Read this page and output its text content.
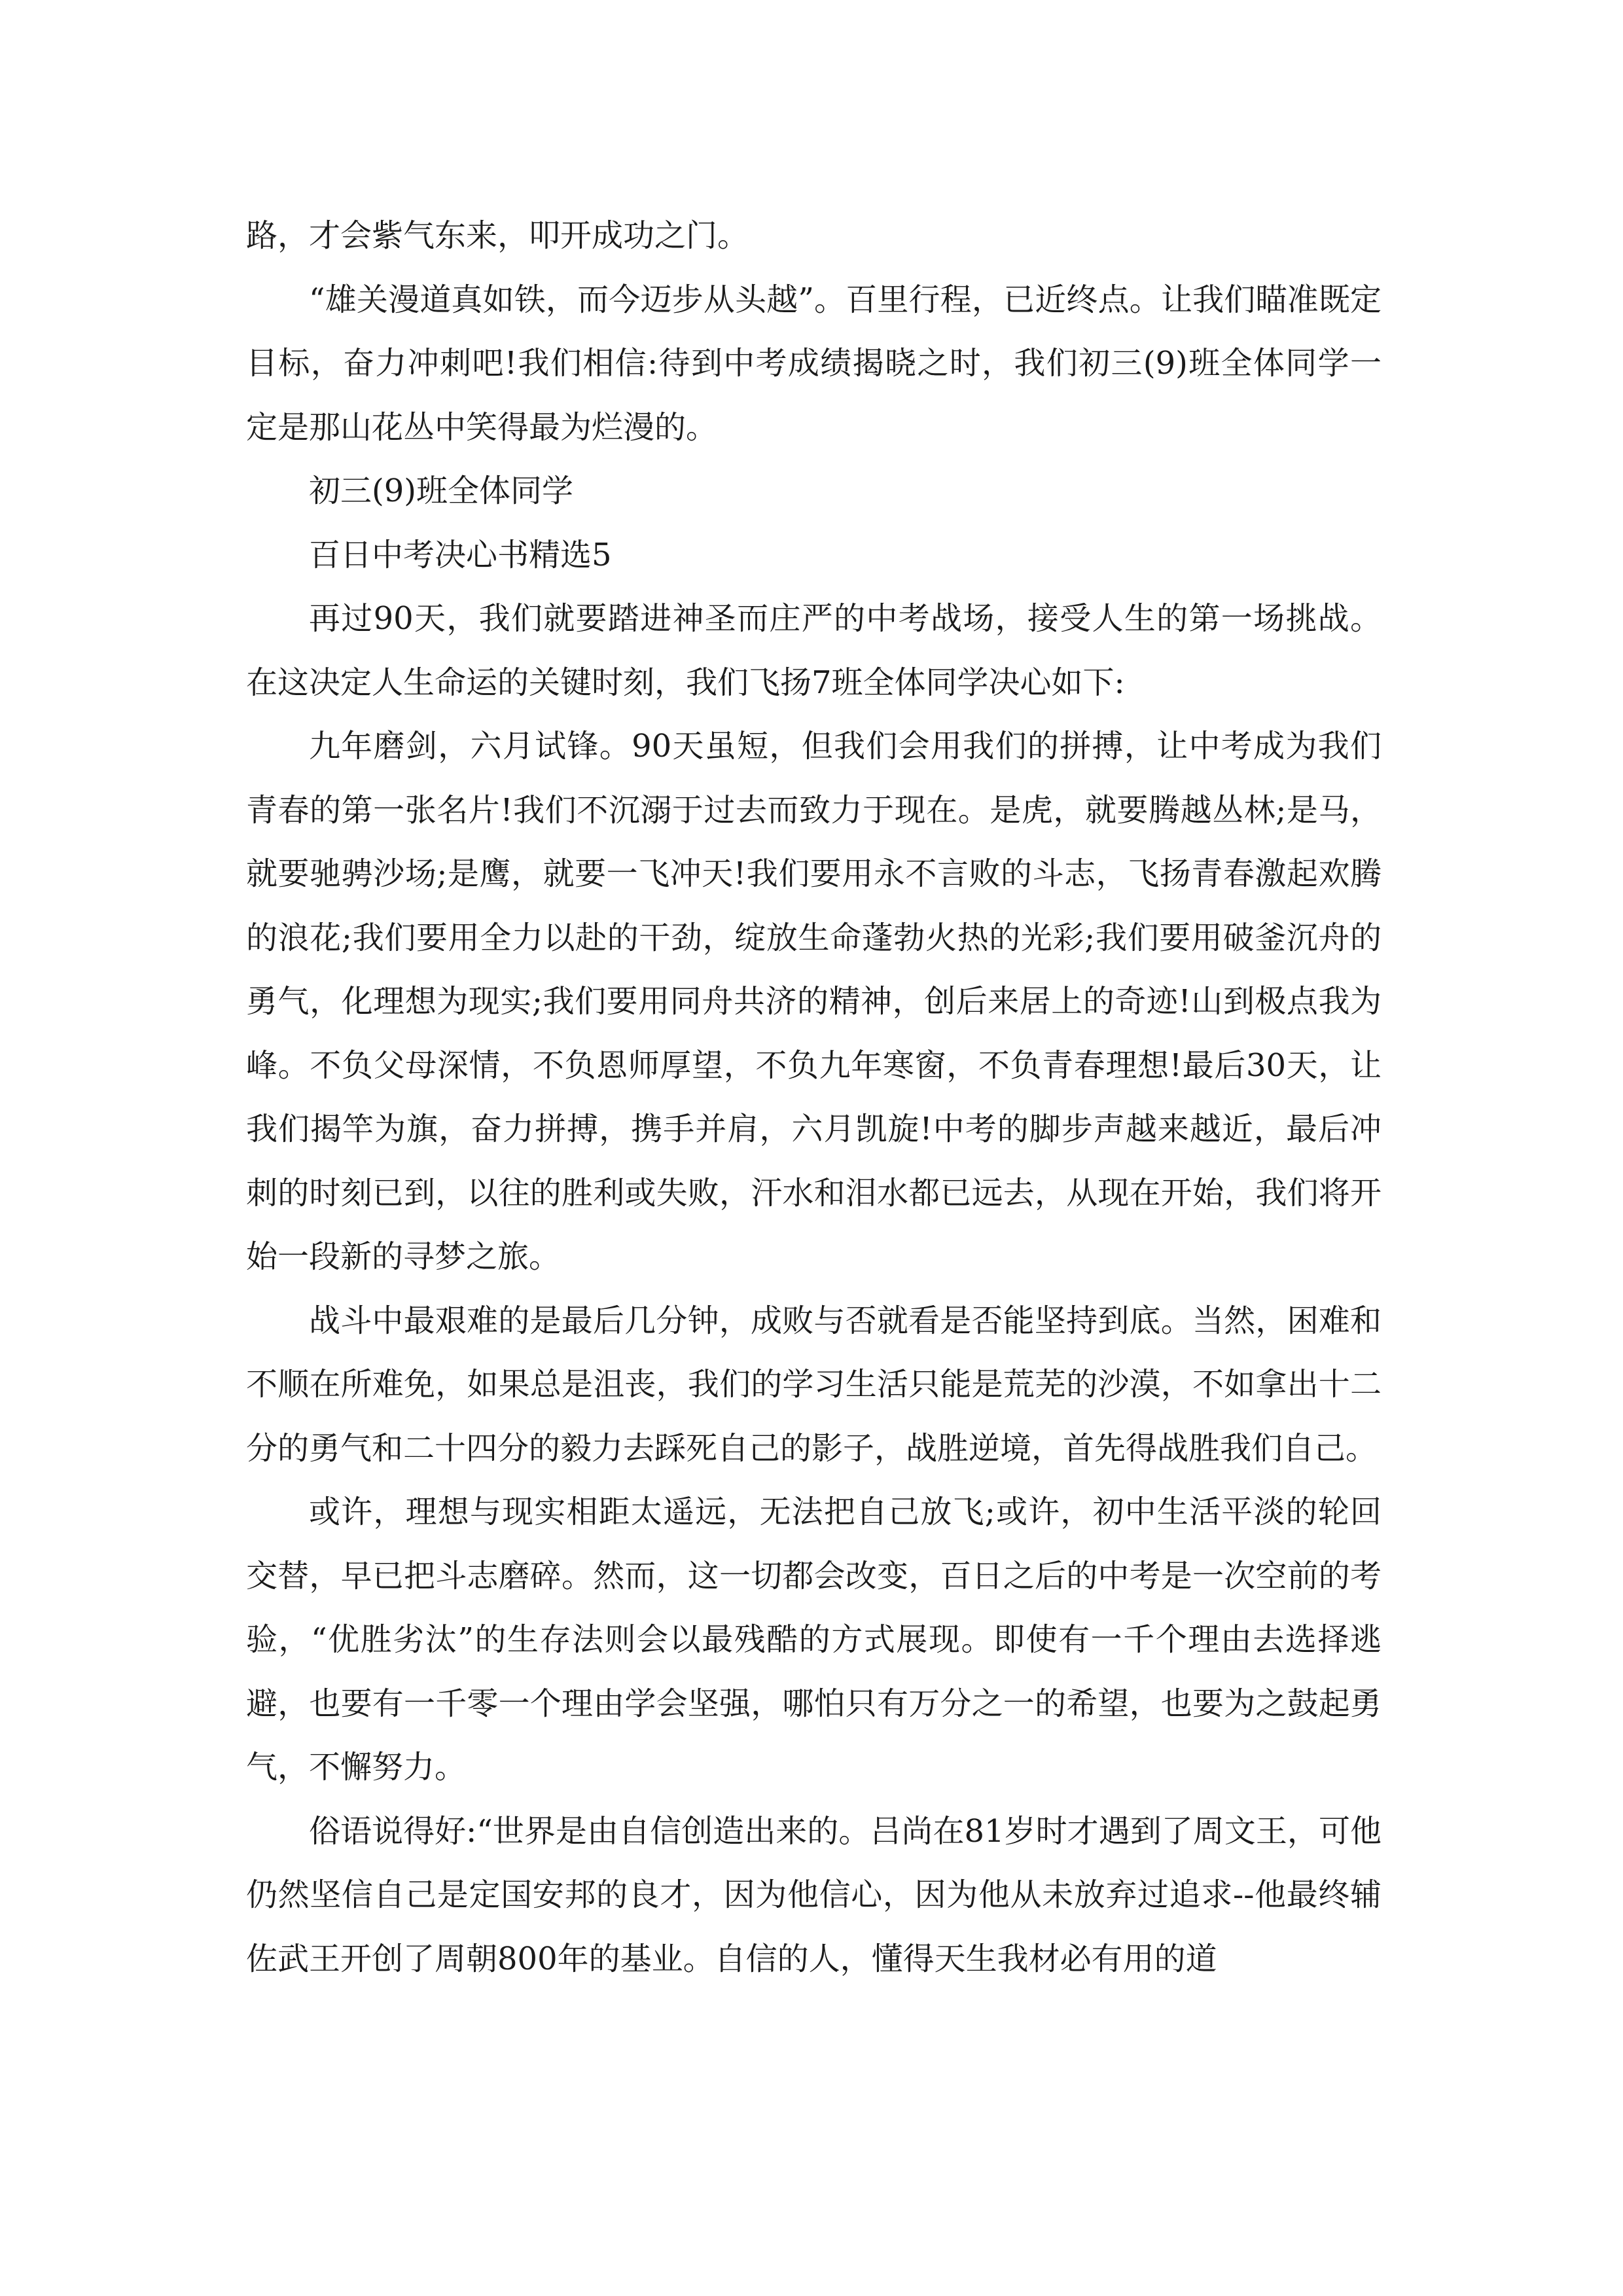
路，才会紫气东来，叩开成功之门。

“雄关漫道真如铁，而今迈步从头越”。百里行程，已近终点。让我们瞄准既定目标，奋力冲刺吧!我们相信:待到中考成绩揭晓之时，我们初三(9)班全体同学一定是那山花丛中笑得最为烂漫的。

初三(9)班全体同学

百日中考决心书精选5

再过90天，我们就要踏进神圣而庄严的中考战场，接受人生的第一场挑战。在这决定人生命运的关键时刻，我们飞扬7班全体同学决心如下:

九年磨剑，六月试锋。90天虽短，但我们会用我们的拼搏，让中考成为我们青春的第一张名片!我们不沉溺于过去而致力于现在。是虎，就要腾越丛林;是马，就要驰骋沙场;是鹰，就要一飞冲天!我们要用永不言败的斗志，飞扬青春激起欢腾的浪花;我们要用全力以赴的干劲，绽放生命蓬勃火热的光彩;我们要用破釜沉舟的勇气，化理想为现实;我们要用同舟共济的精神，创后来居上的奇迹!山到极点我为峰。不负父母深情，不负恩师厚望，不负九年寒窗，不负青春理想!最后30天，让我们揭竿为旗，奋力拼搏，携手并肩，六月凯旋!中考的脚步声越来越近，最后冲刺的时刻已到，以往的胜利或失败，汗水和泪水都已远去，从现在开始，我们将开始一段新的寻梦之旅。

战斗中最艰难的是最后几分钟，成败与否就看是否能坚持到底。当然，困难和不顺在所难免，如果总是沮丧，我们的学习生活只能是荒芜的沙漠，不如拿出十二分的勇气和二十四分的毅力去踩死自己的影子，战胜逆境，首先得战胜我们自己。

或许，理想与现实相距太遥远，无法把自己放飞;或许，初中生活平淡的轮回交替，早已把斗志磨碎。然而，这一切都会改变，百日之后的中考是一次空前的考验，“优胜劣汰”的生存法则会以最残酷的方式展现。即使有一千个理由去选择逃避，也要有一千零一个理由学会坚强，哪怕只有万分之一的希望，也要为之鼓起勇气，不懈努力。

俗语说得好:“世界是由自信创造出来的。吕尚在81岁时才遇到了周文王，可他仍然坚信自己是定国安邦的良才，因为他信心，因为他从未放弃过追求--他最终辅佐武王开创了周朝800年的基业。自信的人，懂得天生我材必有用的道
